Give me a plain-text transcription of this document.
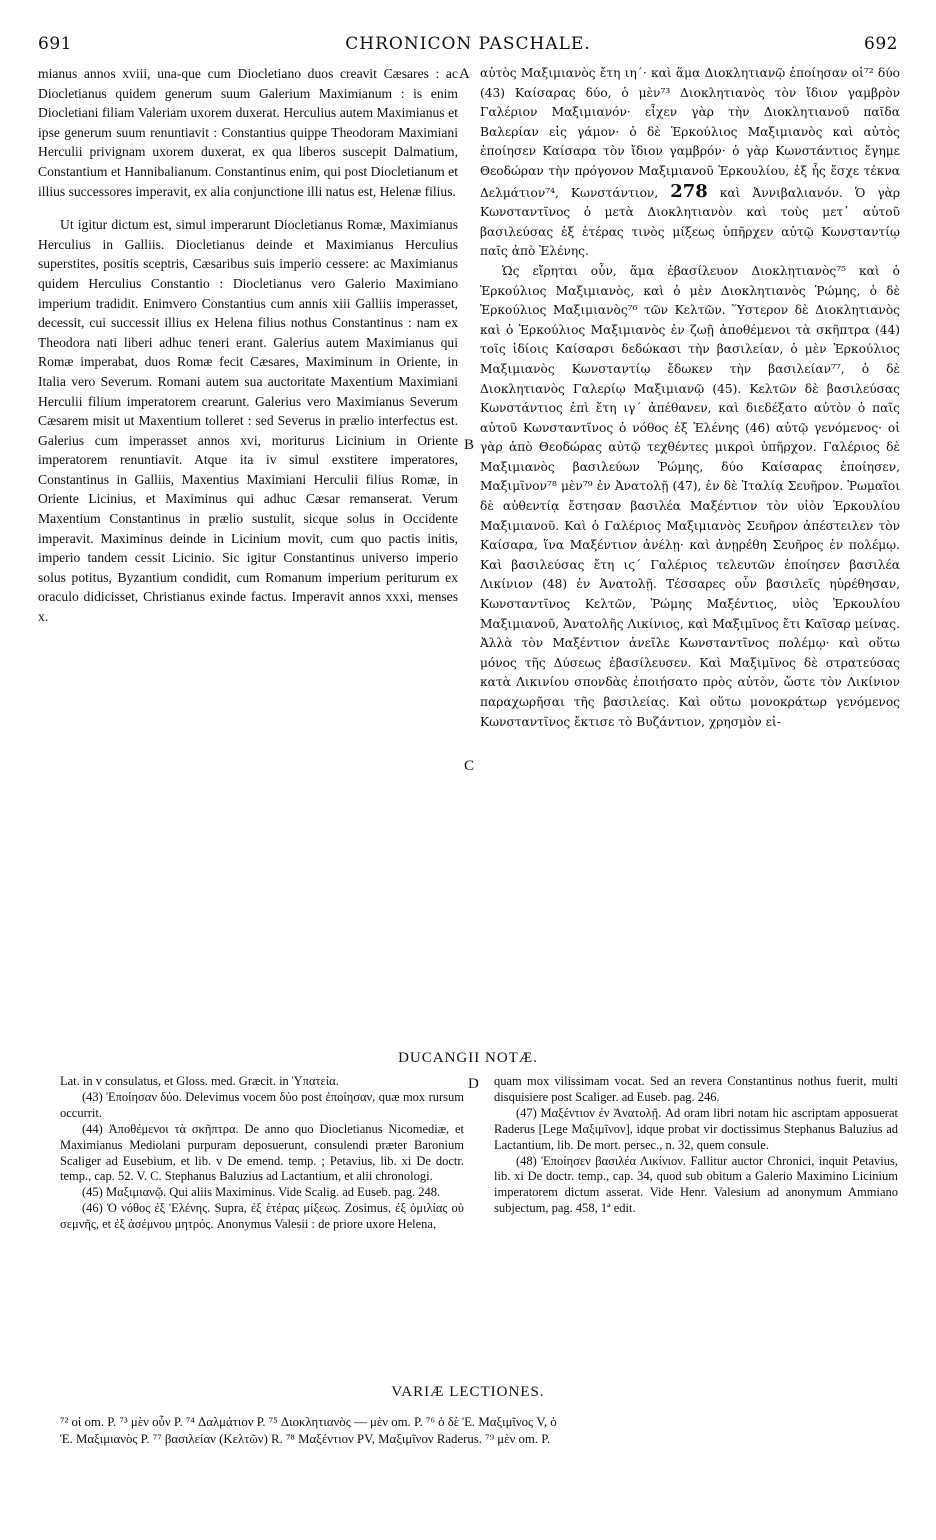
691	CHRONICON PASCHALE.	692

mianus annos xviii, una-que cum Diocletiano duos creavit Cæsares : ac Diocletianus quidem generum suum Galerium Maximianum : is enim Diocletiani filiam Valeriam uxorem duxerat. Herculius autem Maximianus et ipse generum suum renuntiavit : Constantius quippe Theodoram Maximiani Herculii privignam uxorem duxerat, ex qua liberos suscepit Dalmatium, Constantium et Hannibalianum. Constantinus enim, qui post Diocletianum et illius successores imperavit, ex alia conjunctione illi natus est, Helenæ filius.

Ut igitur dictum est, simul imperarunt Diocletianus Romæ, Maximianus Herculius in Galliis. Diocletianus deinde et Maximianus Herculius superstites, positis sceptris, Cæsaribus suis imperio cessere: ac Maximianus quidem Herculius Constantio : Diocletianus vero Galerio Maximiano imperium tradidit. Enimvero Constantius cum annis xiii Galliis imperasset, decessit, cui successit illius ex Helena filius nothus Constantinus : nam ex Theodora nati liberi adhuc teneri erant. Galerius autem Maximianus qui Romæ imperabat, duos Romæ fecit Cæsares, Maximinum in Oriente, in Italia vero Severum. Romani autem sua auctoritate Maxentium Maximiani Herculii filium imperatorem crearunt. Galerius vero Maximianus Severum Cæsarem misit ut Maxentium tolleret : sed Severus in prælio interfectus est. Galerius cum imperasset annos xvi, moriturus Licinium in Oriente imperatorem renuntiavit. Atque ita iv simul exstitere imperatores, Constantinus in Galliis, Maxentius Maximiani Herculii filius Romæ, in Oriente Licinius, et Maximinus qui adhuc Cæsar remanserat. Verum Maxentium Constantinus in prælio sustulit, sicque solus in Occidente imperavit. Maximinus deinde in Licinium movit, cum quo pactis initis, imperio tandem cessit Licinio. Sic igitur Constantinus universo imperio solus potitus, Byzantium condidit, cum Romanum imperium periturum ex oraculo didicisset, Christianus exinde factus. Imperavit annos xxxi, menses x.

A
B
C
D

αὐτὸς Μαξιμιανὸς ἔτη ιη΄· καὶ ἅμα Διοκλητιανῷ ἐποίησαν οἱ⁷² δύο (43) Καίσαρας δύο, ὁ μὲν⁷³ Διοκλητιανὸς τὸν ἴδιον γαμβρὸν Γαλέριον Μαξιμιανόν· εἶχεν γὰρ τὴν Διοκλητιανοῦ παῖδα Βαλερίαν εἰς γάμον· ὁ δὲ Ἑρκούλιος Μαξιμιανὸς καὶ αὐτὸς ἐποίησεν Καίσαρα τὸν ἴδιον γαμβρόν· ὁ γὰρ Κωνστάντιος ἔγημε Θεοδώραν τὴν πρόγονον Μαξιμιανοῦ Ἑρκουλίου, ἐξ ἧς ἔσχε τέκνα Δελμάτιον⁷⁴, Κωνστάντιον, 278 καὶ Ἀννιβαλιανόν. Ὁ γὰρ Κωνσταντῖνος ὁ μετὰ Διοκλητιανὸν καὶ τοὺς μετ᾽ αὐτοῦ βασιλεύσας ἐξ ἑτέρας τινὸς μίξεως ὑπῆρχεν αὐτῷ Κωνσταντίῳ παῖς ἀπὸ Ἑλένης.

Ὡς εἴρηται οὖν, ἅμα ἐβασίλευον Διοκλητιανὸς⁷⁵ καὶ ὁ Ἑρκούλιος Μαξιμιανὸς, καὶ ὁ μὲν Διοκλητιανὸς Ῥώμης, ὁ δὲ Ἑρκούλιος Μαξιμιανὸς⁷⁶ τῶν Κελτῶν. Ὕστερον δὲ Διοκλητιανὸς καὶ ὁ Ἑρκούλιος Μαξιμιανὸς ἐν ζωῇ ἀποθέμενοι τὰ σκῆπτρα (44) τοῖς ἰδίοις Καίσαρσι δεδώκασι τὴν βασιλείαν, ὁ μὲν Ἑρκούλιος Μαξιμιανὸς Κωνσταντίῳ ἔδωκεν τὴν βασιλείαν⁷⁷, ὁ δὲ Διοκλητιανὸς Γαλερίῳ Μαξιμιανῷ (45). Κελτῶν δὲ βασιλεύσας Κωνστάντιος ἐπὶ ἔτη ιγ΄ ἀπέθανεν, καὶ διεδέξατο αὐτὸν ὁ παῖς αὐτοῦ Κωνσταντῖνος ὁ νόθος ἐξ Ἑλένης (46) αὐτῷ γενόμενος· οἱ γὰρ ἀπὸ Θεοδώρας αὐτῷ τεχθέντες μικροὶ ὑπῆρχον. Γαλέριος δὲ Μαξιμιανὸς βασιλεύων Ῥώμης, δύο Καίσαρας ἐποίησεν, Μαξιμῖνον⁷⁸ μὲν⁷⁹ ἐν Ἀνατολῇ (47), ἐν δὲ Ἰταλίᾳ Σευῆρον. Ῥωμαῖοι δὲ αὐθεντίᾳ ἔστησαν βασιλέα Μαξέντιον τὸν υἱὸν Ἑρκουλίου Μαξιμιανοῦ. Καὶ ὁ Γαλέριος Μαξιμιανὸς Σευῆρον ἀπέστειλεν τὸν Καίσαρα, ἵνα Μαξέντιον ἀνέλῃ· καὶ ἀνῃρέθη Σευῆρος ἐν πολέμῳ. Καὶ βασιλεύσας ἔτη ιϛ΄ Γαλέριος τελευτῶν ἐποίησεν βασιλέα Λικίνιον (48) ἐν Ἀνατολῇ. Τέσσαρες οὖν βασιλεῖς ηὑρέθησαν, Κωνσταντῖνος Κελτῶν, Ῥώμης Μαξέντιος, υἱὸς Ἑρκουλίου Μαξιμιανοῦ, Ἀνατολῆς Λικίνιος, καὶ Μαξιμῖνος ἔτι Καῖσαρ μείνας. Ἀλλὰ τὸν Μαξέντιον ἀνεῖλε Κωνσταντῖνος πολέμῳ· καὶ οὕτω μόνος τῆς Δύσεως ἐβασίλευσεν. Καὶ Μαξιμῖνος δὲ στρατεύσας κατὰ Λικινίου σπονδὰς ἐποιήσατο πρὸς αὐτὸν, ὥστε τὸν Λικίνιον παραχωρῆσαι τῆς βασιλείας. Καὶ οὕτω μονοκράτωρ γενόμενος Κωνσταντῖνος ἔκτισε τὸ Βυζάντιον, χρησμὸν εἰ-

DUCANGII NOTÆ.

Lat. in v consulatus, et Gloss. med. Græcit. in Ὑπατεία.

(43) Ἐποίησαν δύο. Delevimus vocem δύο post ἐποίησαν, quæ mox rursum occurrit.

(44) Ἀποθέμενοι τὰ σκῆπτρα. De anno quo Diocletianus Nicomediæ, et Maximianus Mediolani purpuram deposuerunt, consulendi præter Baronium Scaliger ad Eusebium, et lib. v De emend. temp. ; Petavius, lib. xi De doctr. temp., cap. 52. V. C. Stephanus Baluzius ad Lactantium, et alii chronologi.

(45) Μαξιμιανῷ. Qui aliis Maximinus. Vide Scalig. ad Euseb. pag. 248.

(46) Ὁ νόθος ἐξ Ἑλένης. Supra, ἐξ ἑτέρας μίξεως. Zosimus, ἐξ ὁμιλίας οὐ σεμνῆς, et ἐξ ἀσέμνου μητρός. Anonymus Valesii : de priore uxore Helena,

quam mox vilissimam vocat. Sed an revera Constantinus nothus fuerit, multi disquisiere post Scaliger. ad Euseb. pag. 246.

(47) Μαξέντιον ἐν Ἀνατολῇ. Ad oram libri notam hic ascriptam apposuerat Raderus [Lege Μαξιμῖνον], idque probat vir doctissimus Stephanus Baluzius ad Lactantium, lib. De mort. persec., n. 32, quem consule.

(48) Ἐποίησεν βασιλέα Λικίνιον. Fallitur auctor Chronici, inquit Petavius, lib. xi De doctr. temp., cap. 34, quod sub obitum a Galerio Maximino Licinium imperatorem dictum asserat. Vide Henr. Valesium ad anonymum Ammiano subjectum, pag. 458, 1ª edit.

VARIÆ LECTIONES.

⁷² οἱ om. P. ⁷³ μὲν οὖν P. ⁷⁴ Δαλμάτιον P. ⁷⁵ Διοκλητιανὸς — μὲν om. P. ⁷⁶ ὁ δὲ Ἑ. Μαξιμῖνος V, ὁ

Ἑ. Μαξιμιανὸς P. ⁷⁷ βασιλείαν (Κελτῶν) R. ⁷⁸ Μαξέντιον PV, Μαξιμῖνον Raderus. ⁷⁹ μὲν om. P.
